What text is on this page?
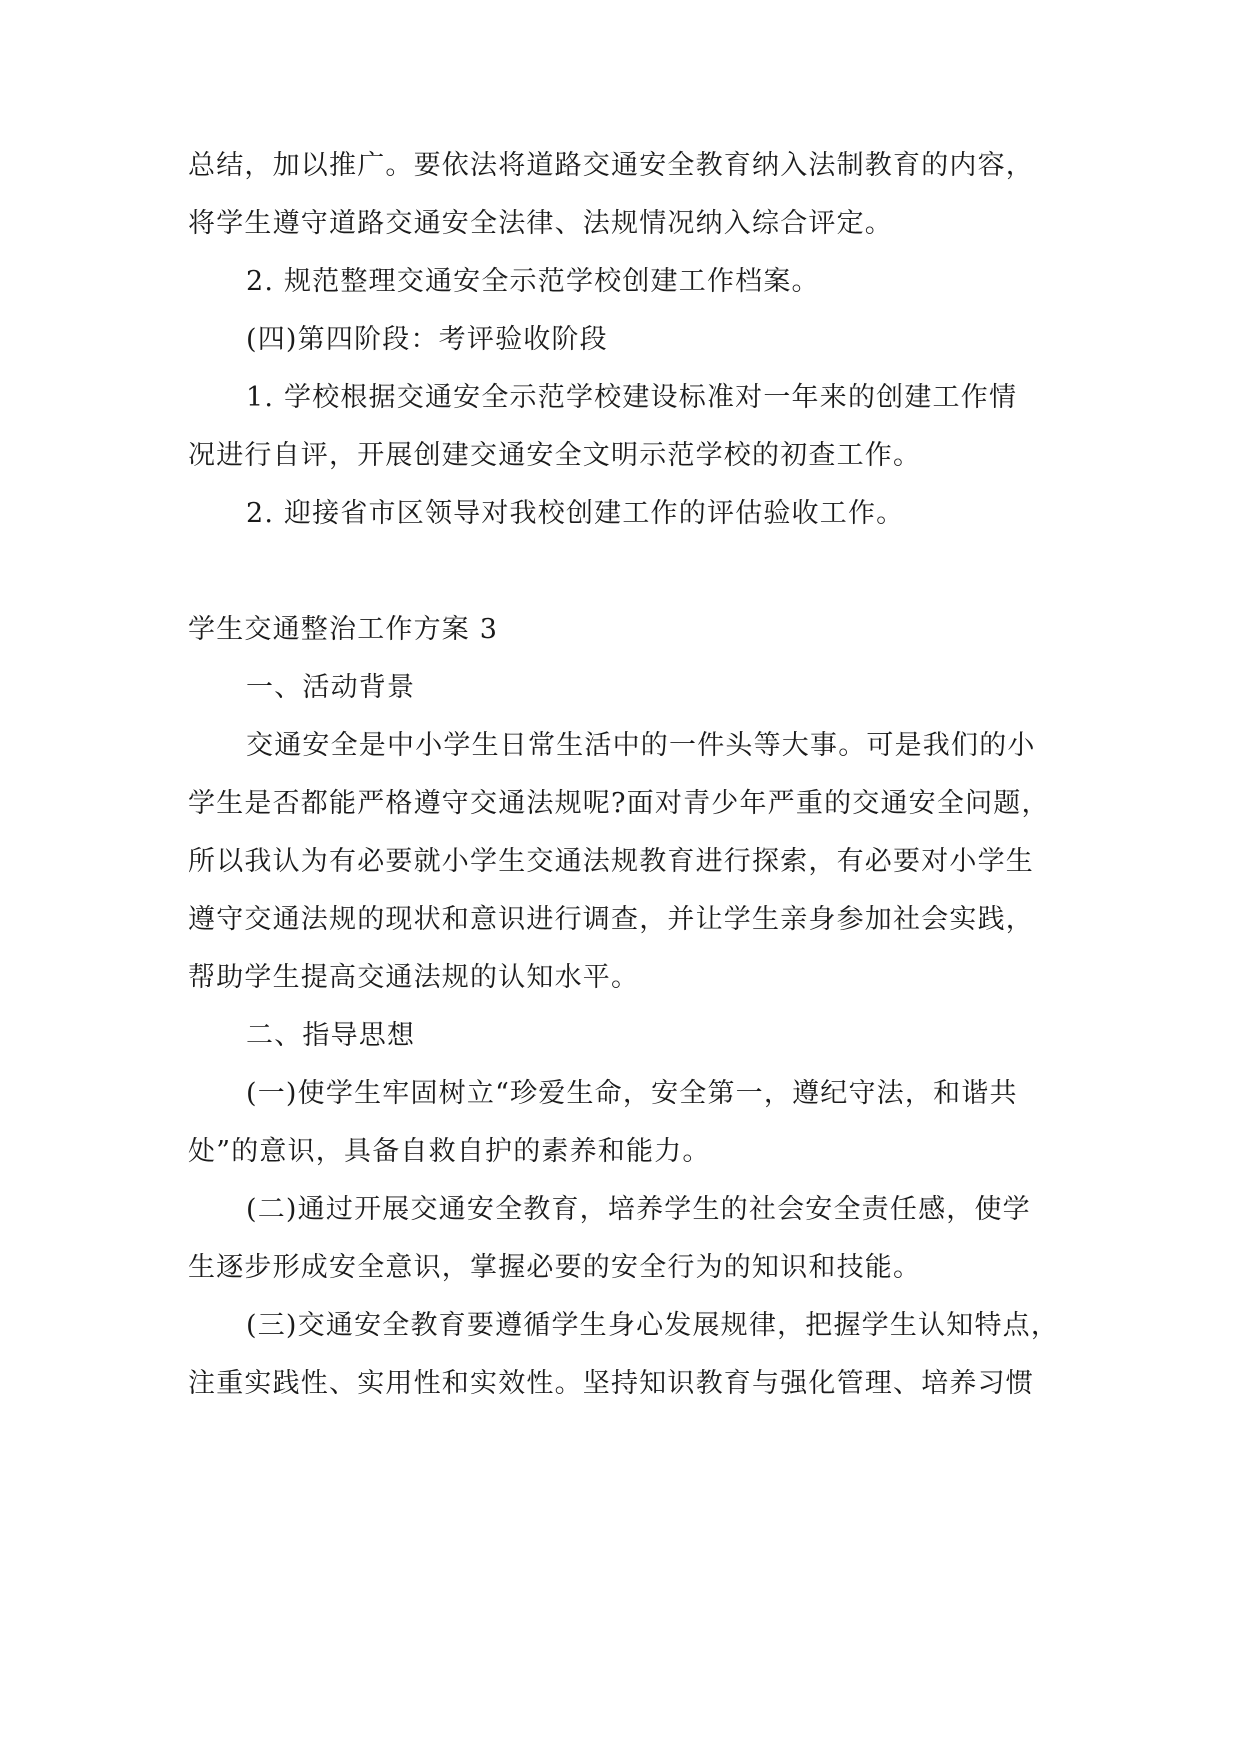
总结，加以推广。要依法将道路交通安全教育纳入法制教育的内容，

将学生遵守道路交通安全法律、法规情况纳入综合评定。

2. 规范整理交通安全示范学校创建工作档案。

(四)第四阶段：考评验收阶段

1. 学校根据交通安全示范学校建设标准对一年来的创建工作情

况进行自评，开展创建交通安全文明示范学校的初查工作。

2. 迎接省市区领导对我校创建工作的评估验收工作。

学生交通整治工作方案 3

一、活动背景

交通安全是中小学生日常生活中的一件头等大事。可是我们的小

学生是否都能严格遵守交通法规呢?面对青少年严重的交通安全问题，

所以我认为有必要就小学生交通法规教育进行探索，有必要对小学生

遵守交通法规的现状和意识进行调查，并让学生亲身参加社会实践，

帮助学生提高交通法规的认知水平。

二、指导思想

(一)使学生牢固树立“珍爱生命，安全第一，遵纪守法，和谐共

处”的意识，具备自救自护的素养和能力。

(二)通过开展交通安全教育，培养学生的社会安全责任感，使学

生逐步形成安全意识，掌握必要的安全行为的知识和技能。

(三)交通安全教育要遵循学生身心发展规律，把握学生认知特点，

注重实践性、实用性和实效性。坚持知识教育与强化管理、培养习惯
